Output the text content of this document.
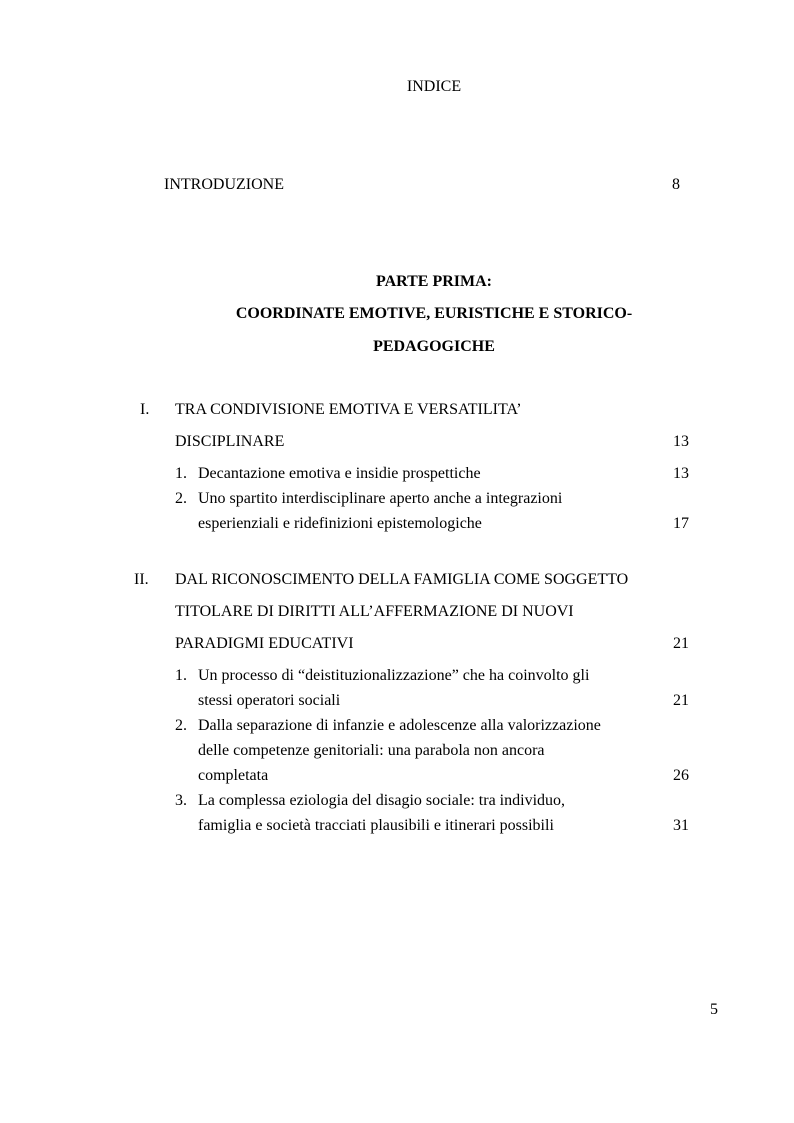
INDICE
INTRODUZIONE	8
PARTE PRIMA:
COORDINATE EMOTIVE, EURISTICHE E STORICO-
PEDAGOGICHE
I. TRA CONDIVISIONE EMOTIVA E VERSATILITA’
DISCIPLINARE	13
1. Decantazione emotiva e insidie prospettiche	13
2. Uno spartito interdisciplinare aperto anche a integrazioni
esperienziali e ridefinizioni epistemologiche	17
II. DAL RICONOSCIMENTO DELLA FAMIGLIA COME SOGGETTO
TITOLARE DI DIRITTI ALL’AFFERMAZIONE DI NUOVI
PARADIGMI EDUCATIVI	21
1. Un processo di “deistituzionalizzazione” che ha coinvolto gli
stessi operatori sociali	21
2. Dalla separazione di infanzie e adolescenze alla valorizzazione
delle competenze genitoriali: una parabola non ancora
completata	26
3. La complessa eziologia del disagio sociale: tra individuo,
famiglia e società tracciati plausibili e itinerari possibili	31
5
